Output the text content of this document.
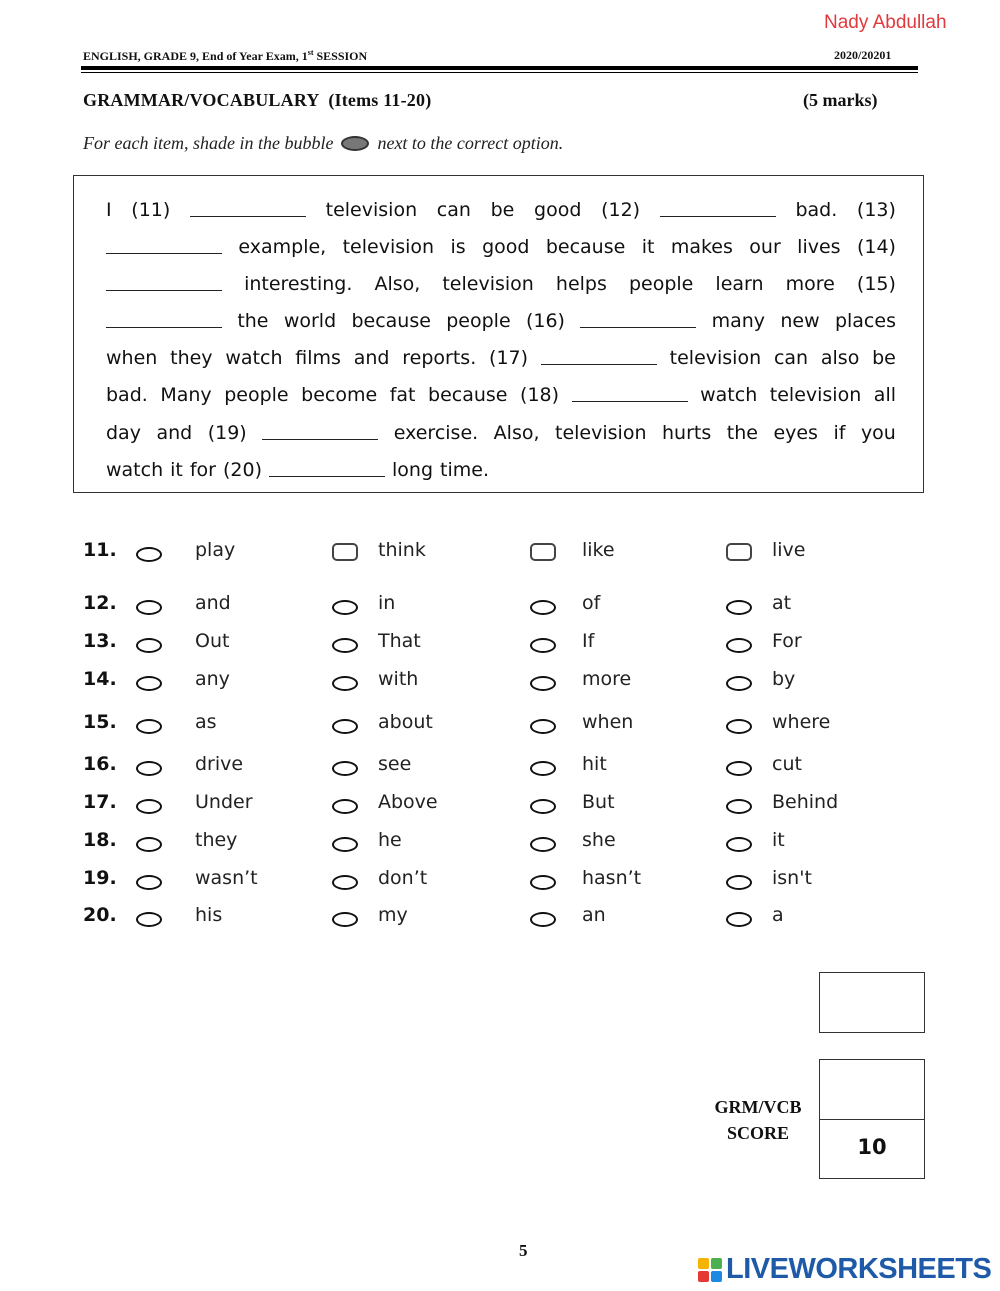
Nady Abdullah
ENGLISH, GRADE 9, End of Year Exam, 1st SESSION	2020/20201
GRAMMAR/VOCABULARY  (Items 11-20)	(5 marks)
For each item, shade in the bubble next to the correct option.
I (11)	television can be good (12)	bad. (13)
example, television is good because it makes our lives (14)
interesting. Also, television helps people learn more (15)
the world because people (16)	many new places
when they watch films and reports. (17)	television can also be
bad. Many people become fat because (18)	watch television all
day and (19)	exercise. Also, television hurts the eyes if you
watch it for (20)	long time.
11.	play	think	like	live
12.	and	in	of	at
13.	Out	That	If	For
14.	any	with	more	by
15.	as	about	when	where
16.	drive	see	hit	cut
17.	Under	Above	But	Behind
18.	they	he	she	it
19.	wasn’t	don’t	hasn’t	isn't
20.	his	my	an	a
GRM/VCB
SCORE
10
5
LIVEWORKSHEETS
